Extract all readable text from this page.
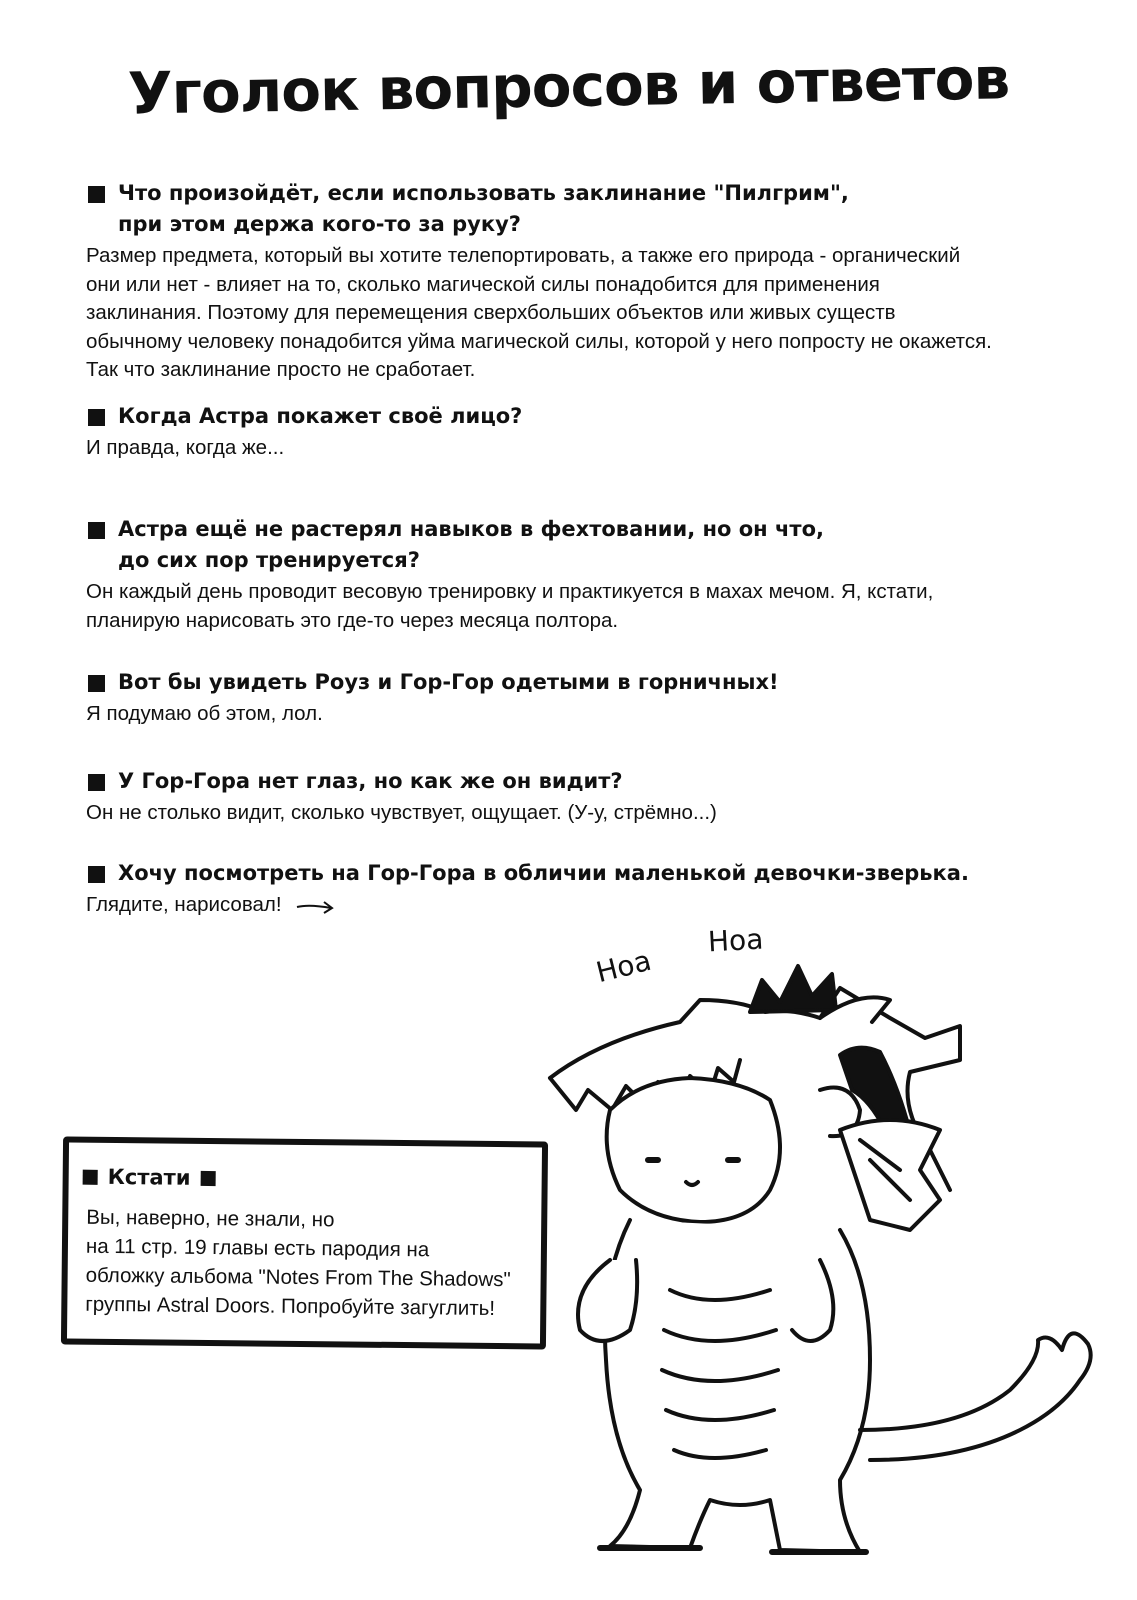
Уголок вопросов и ответов
Что произойдёт, если использовать заклинание "Пилгрим",
при этом держа кого-то за руку?
Размер предмета, который вы хотите телепортировать, а также его природа - органический
они или нет - влияет на то, сколько магической силы понадобится для применения
заклинания. Поэтому для перемещения сверхбольших объектов или живых существ
обычному человеку понадобится уйма магической силы, которой у него попросту не окажется.
Так что заклинание просто не сработает.
Когда Астра покажет своё лицо?
И правда, когда же...
Астра ещё не растерял навыков в фехтовании, но он что,
до сих пор тренируется?
Он каждый день проводит весовую тренировку и практикуется в махах мечом. Я, кстати,
планирую нарисовать это где-то через месяца полтора.
Вот бы увидеть Роуз и Гор-Гор одетыми в горничных!
Я подумаю об этом, лол.
У Гор-Гора нет глаз, но как же он видит?
Он не столько видит, сколько чувствует, ощущает. (У-у, стрёмно...)
Хочу посмотреть на Гор-Гора в обличии маленькой девочки-зверька.
Глядите, нарисовал!
Hoa
Hoa
Кстати
Вы, наверно, не знали, но
на 11 стр. 19 главы есть пародия на
обложку альбома "Notes From The Shadows"
группы Astral Doors. Попробуйте загуглить!
